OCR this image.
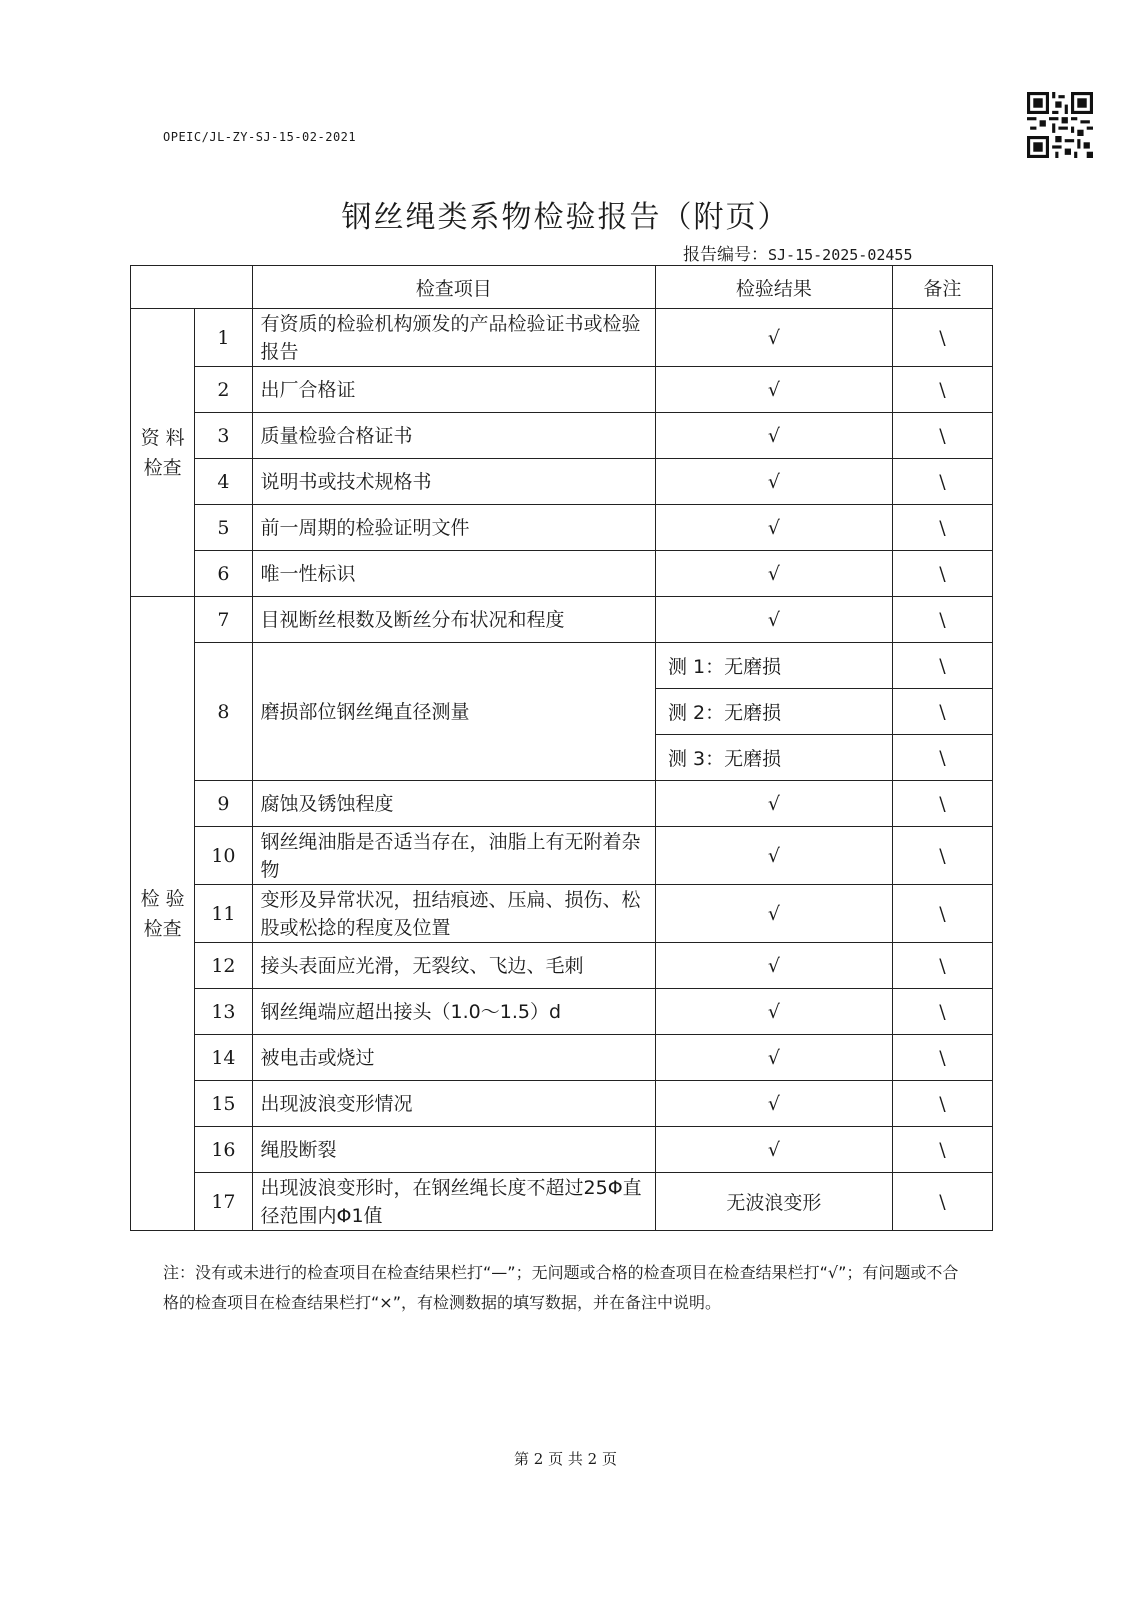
OPEIC/JL-ZY-SJ-15-02-2021
钢丝绳类系物检验报告（附页）
报告编号：SJ-15-2025-02455
		检查项目	检验结果	备注
资 料
检查	1	有资质的检验机构颁发的产品检验证书或检验报告	√	\
	2	出厂合格证	√	\
	3	质量检验合格证书	√	\
	4	说明书或技术规格书	√	\
	5	前一周期的检验证明文件	√	\
	6	唯一性标识	√	\
检 验
检查	7	目视断丝根数及断丝分布状况和程度	√	\
	8	磨损部位钢丝绳直径测量	测 1：无磨损	\
			测 2：无磨损	\
			测 3：无磨损	\
	9	腐蚀及锈蚀程度	√	\
	10	钢丝绳油脂是否适当存在，油脂上有无附着杂物	√	\
	11	变形及异常状况，扭结痕迹、压扁、损伤、松股或松捻的程度及位置	√	\
	12	接头表面应光滑，无裂纹、飞边、毛刺	√	\
	13	钢丝绳端应超出接头（1.0～1.5）d	√	\
	14	被电击或烧过	√	\
	15	出现波浪变形情况	√	\
	16	绳股断裂	√	\
	17	出现波浪变形时，在钢丝绳长度不超过25Φ直径范围内Φ1值	无波浪变形	\
注：没有或未进行的检查项目在检查结果栏打“—”；无问题或合格的检查项目在检查结果栏打“√”；有问题或不合格的检查项目在检查结果栏打“×”，有检测数据的填写数据，并在备注中说明。
第 2 页 共 2 页
